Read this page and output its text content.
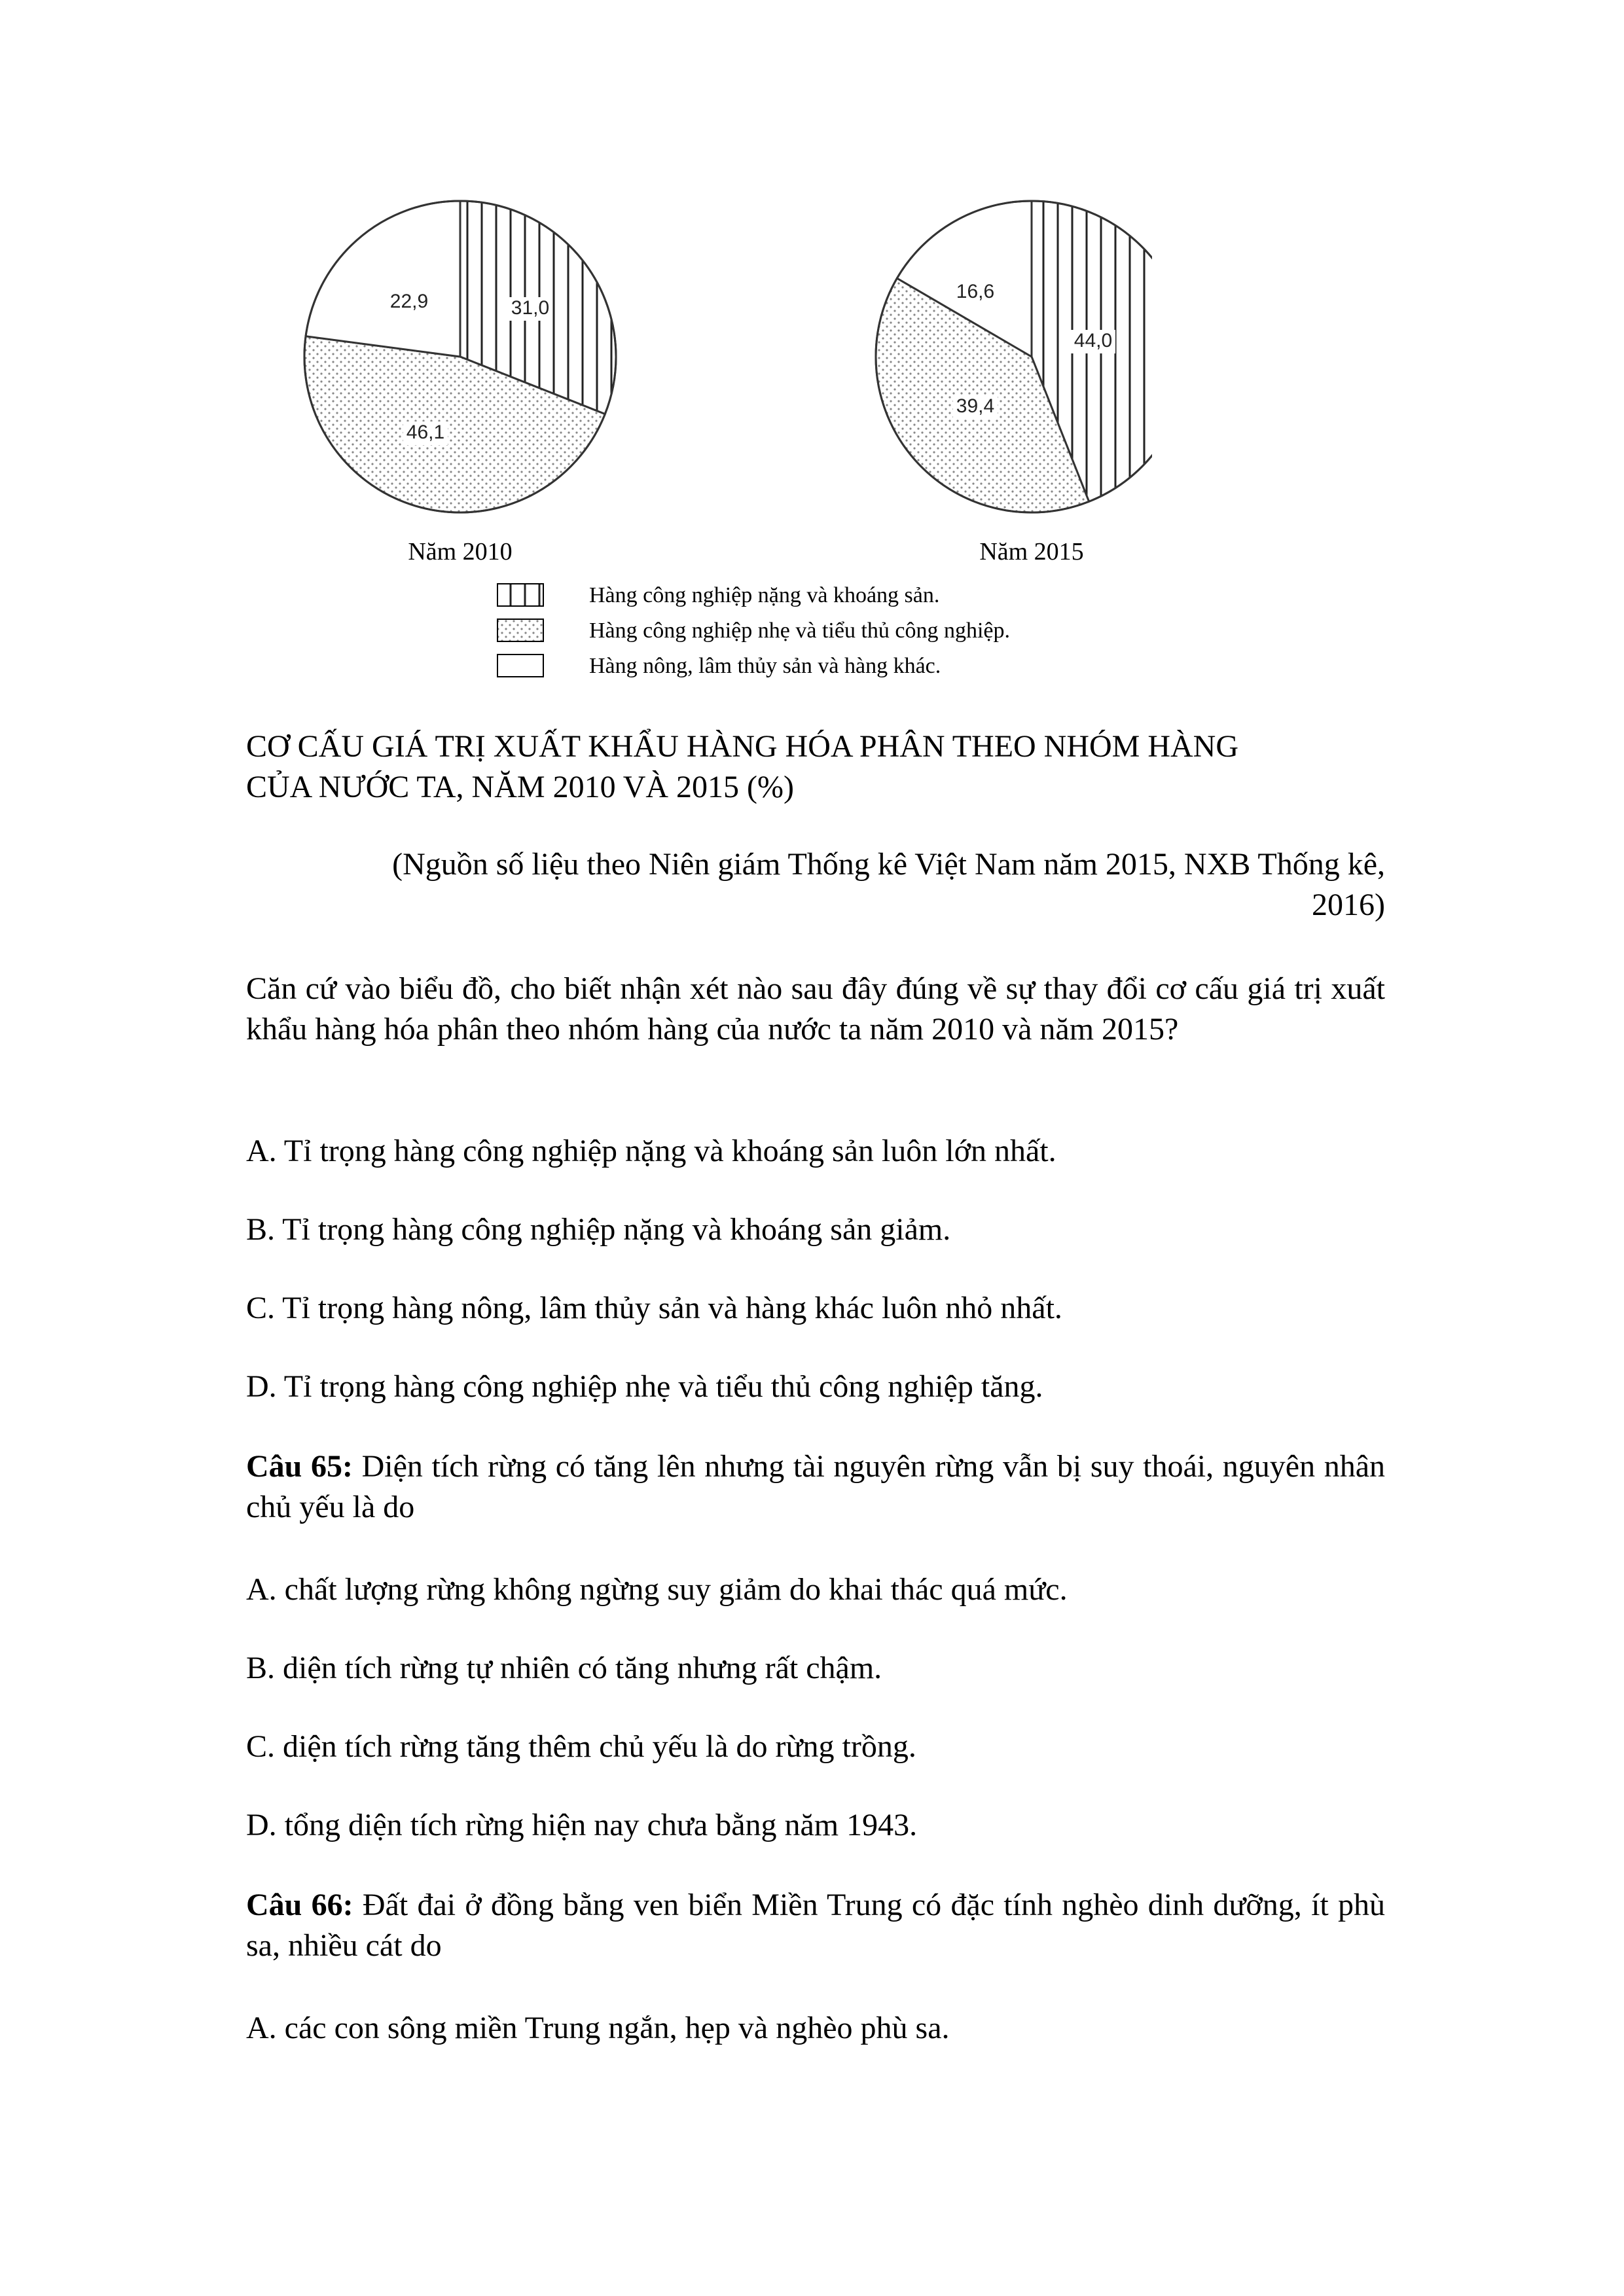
31,0
46,1
22,9
44,0
39,4
16,6
Năm 2010	Năm 2015
Hàng công nghiệp nặng và khoáng sản.
Hàng công nghiệp nhẹ và tiểu thủ công nghiệp.
Hàng nông, lâm thủy sản và hàng khác.
CƠ CẤU GIÁ TRỊ XUẤT KHẨU HÀNG HÓA PHÂN THEO NHÓM HÀNG
CỦA NƯỚC TA, NĂM 2010 VÀ 2015 (%)
(Nguồn số liệu theo Niên giám Thống kê Việt Nam năm 2015, NXB Thống kê,
2016)
Căn cứ vào biểu đồ, cho biết nhận xét nào sau đây đúng về sự thay đổi cơ cấu giá trị xuất khẩu hàng hóa phân theo nhóm hàng của nước ta năm 2010 và năm 2015?
A. Tỉ trọng hàng công nghiệp nặng và khoáng sản luôn lớn nhất.
B. Tỉ trọng hàng công nghiệp nặng và khoáng sản giảm.
C. Tỉ trọng hàng nông, lâm thủy sản và hàng khác luôn nhỏ nhất.
D. Tỉ trọng hàng công nghiệp nhẹ và tiểu thủ công nghiệp tăng.
Câu 65: Diện tích rừng có tăng lên nhưng tài nguyên rừng vẫn bị suy thoái, nguyên nhân chủ yếu là do
A. chất lượng rừng không ngừng suy giảm do khai thác quá mức.
B. diện tích rừng tự nhiên có tăng nhưng rất chậm.
C. diện tích rừng tăng thêm chủ yếu là do rừng trồng.
D. tổng diện tích rừng hiện nay chưa bằng năm 1943.
Câu 66: Đất đai ở đồng bằng ven biển Miền Trung có đặc tính nghèo dinh dưỡng, ít phù sa, nhiều cát do
A. các con sông miền Trung ngắn, hẹp và nghèo phù sa.
